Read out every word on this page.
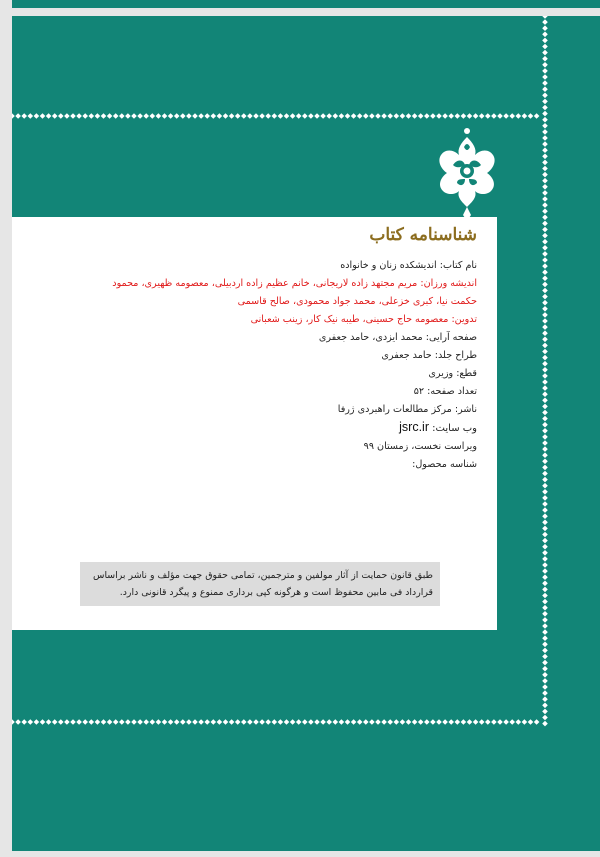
شناسنامه کتاب

نام کتاب: اندیشکده زنان و خانواده

اندیشه ورزان: مریم مجتهد زاده لاریجانی، خانم عظیم زاده اردبیلی، معصومه ظهیری، محمود

حکمت نیا، کبری خزعلی، محمد جواد محمودی، صالح قاسمی

تدوین: معصومه حاج حسینی، طیبه نیک کار، زینب شعبانی

صفحه آرایی: محمد ایزدی، حامد جعفری

طراح جلد: حامد جعفری

قطع: وزیری

تعداد صفحه: ۵۲

ناشر: مرکز مطالعات راهبردی ژرفا

وب سایت: jsrc.ir

ویراست نخست، زمستان ۹۹

شناسه محصول:

طبق قانون حمایت از آثار مولفین و مترجمین، تمامی حقوق جهت مؤلف و ناشر براساس قرارداد فی مابین محفوظ است و هرگونه کپی برداری ممنوع و پیگرد قانونی دارد.
